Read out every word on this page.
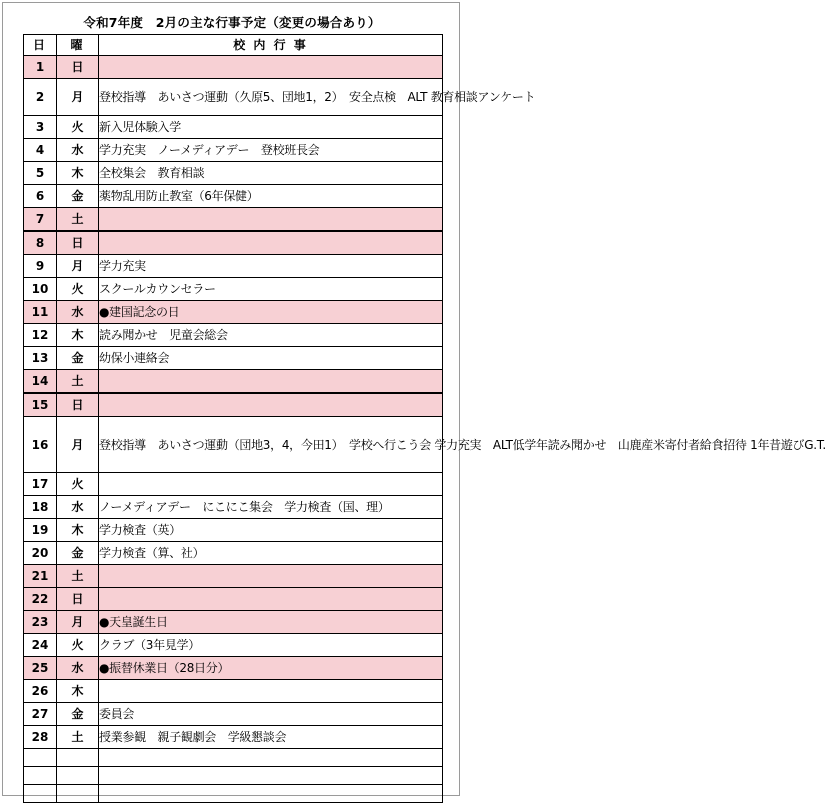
令和7年度　2月の主な行事予定（変更の場合あり）
日	曜	校 内 行 事
1	日	
2	月	登校指導　あいさつ運動（久原5、団地1，2）　安全点検　ALT 教育相談アンケート
3	火	新入児体験入学
4	水	学力充実　ノーメディアデー　登校班長会
5	木	全校集会　教育相談
6	金	薬物乱用防止教室（6年保健）
7	土	
8	日	
9	月	学力充実
10	火	スクールカウンセラー
11	水	●建国記念の日
12	木	読み聞かせ　児童会総会
13	金	幼保小連絡会
14	土	
15	日	
16	月	登校指導　あいさつ運動（団地3，4，今田1）　学校へ行こう会 学力充実　ALT低学年読み聞かせ　山鹿産米寄付者給食招待 1年昔遊びG.T.
17	火	
18	水	ノーメディアデー　にこにこ集会　学力検査（国、理）
19	木	学力検査（英）
20	金	学力検査（算、社）
21	土	
22	日	
23	月	●天皇誕生日
24	火	クラブ（3年見学）
25	水	●振替休業日（28日分）
26	木	
27	金	委員会
28	土	授業参観　親子観劇会　学級懇談会
